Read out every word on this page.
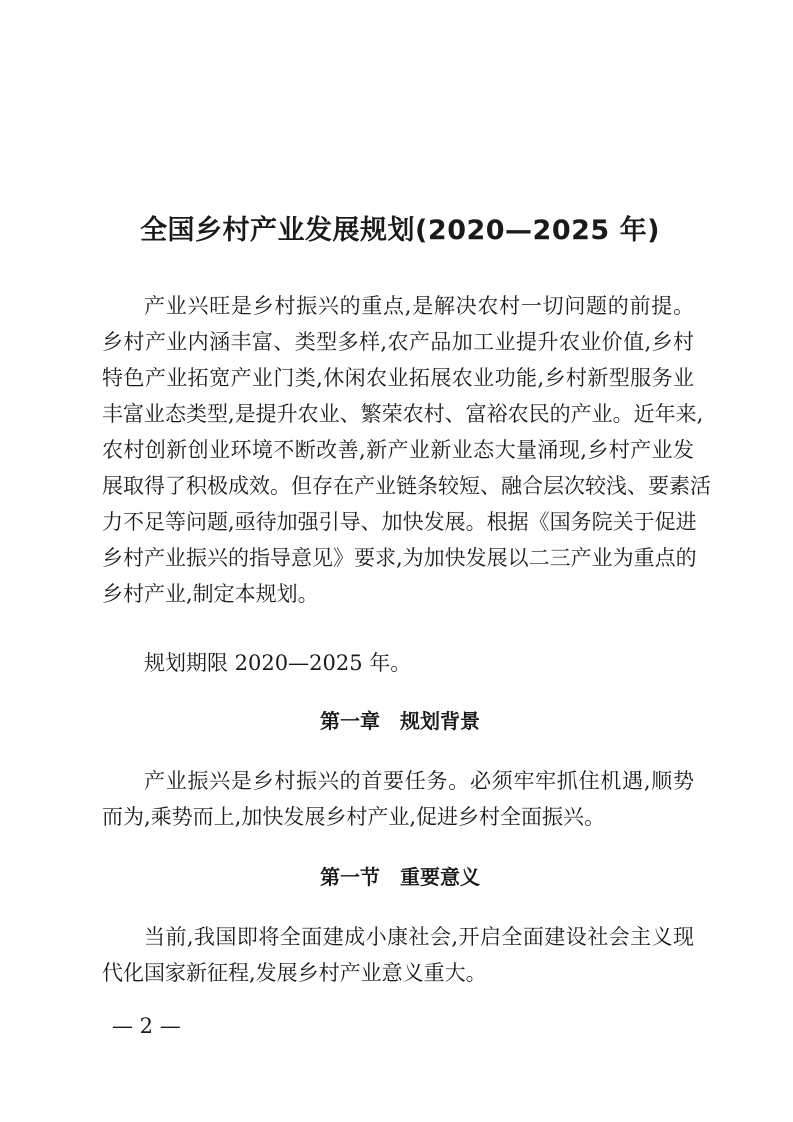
全国乡村产业发展规划(2020—2025 年)

产业兴旺是乡村振兴的重点,是解决农村一切问题的前提。

乡村产业内涵丰富、类型多样,农产品加工业提升农业价值,乡村

特色产业拓宽产业门类,休闲农业拓展农业功能,乡村新型服务业

丰富业态类型,是提升农业、繁荣农村、富裕农民的产业。近年来,

农村创新创业环境不断改善,新产业新业态大量涌现,乡村产业发

展取得了积极成效。但存在产业链条较短、融合层次较浅、要素活

力不足等问题,亟待加强引导、加快发展。根据《国务院关于促进

乡村产业振兴的指导意见》要求,为加快发展以二三产业为重点的

乡村产业,制定本规划。

规划期限 2020—2025 年。

第一章　规划背景

产业振兴是乡村振兴的首要任务。必须牢牢抓住机遇,顺势

而为,乘势而上,加快发展乡村产业,促进乡村全面振兴。

第一节　重要意义

当前,我国即将全面建成小康社会,开启全面建设社会主义现

代化国家新征程,发展乡村产业意义重大。

— 2 —
